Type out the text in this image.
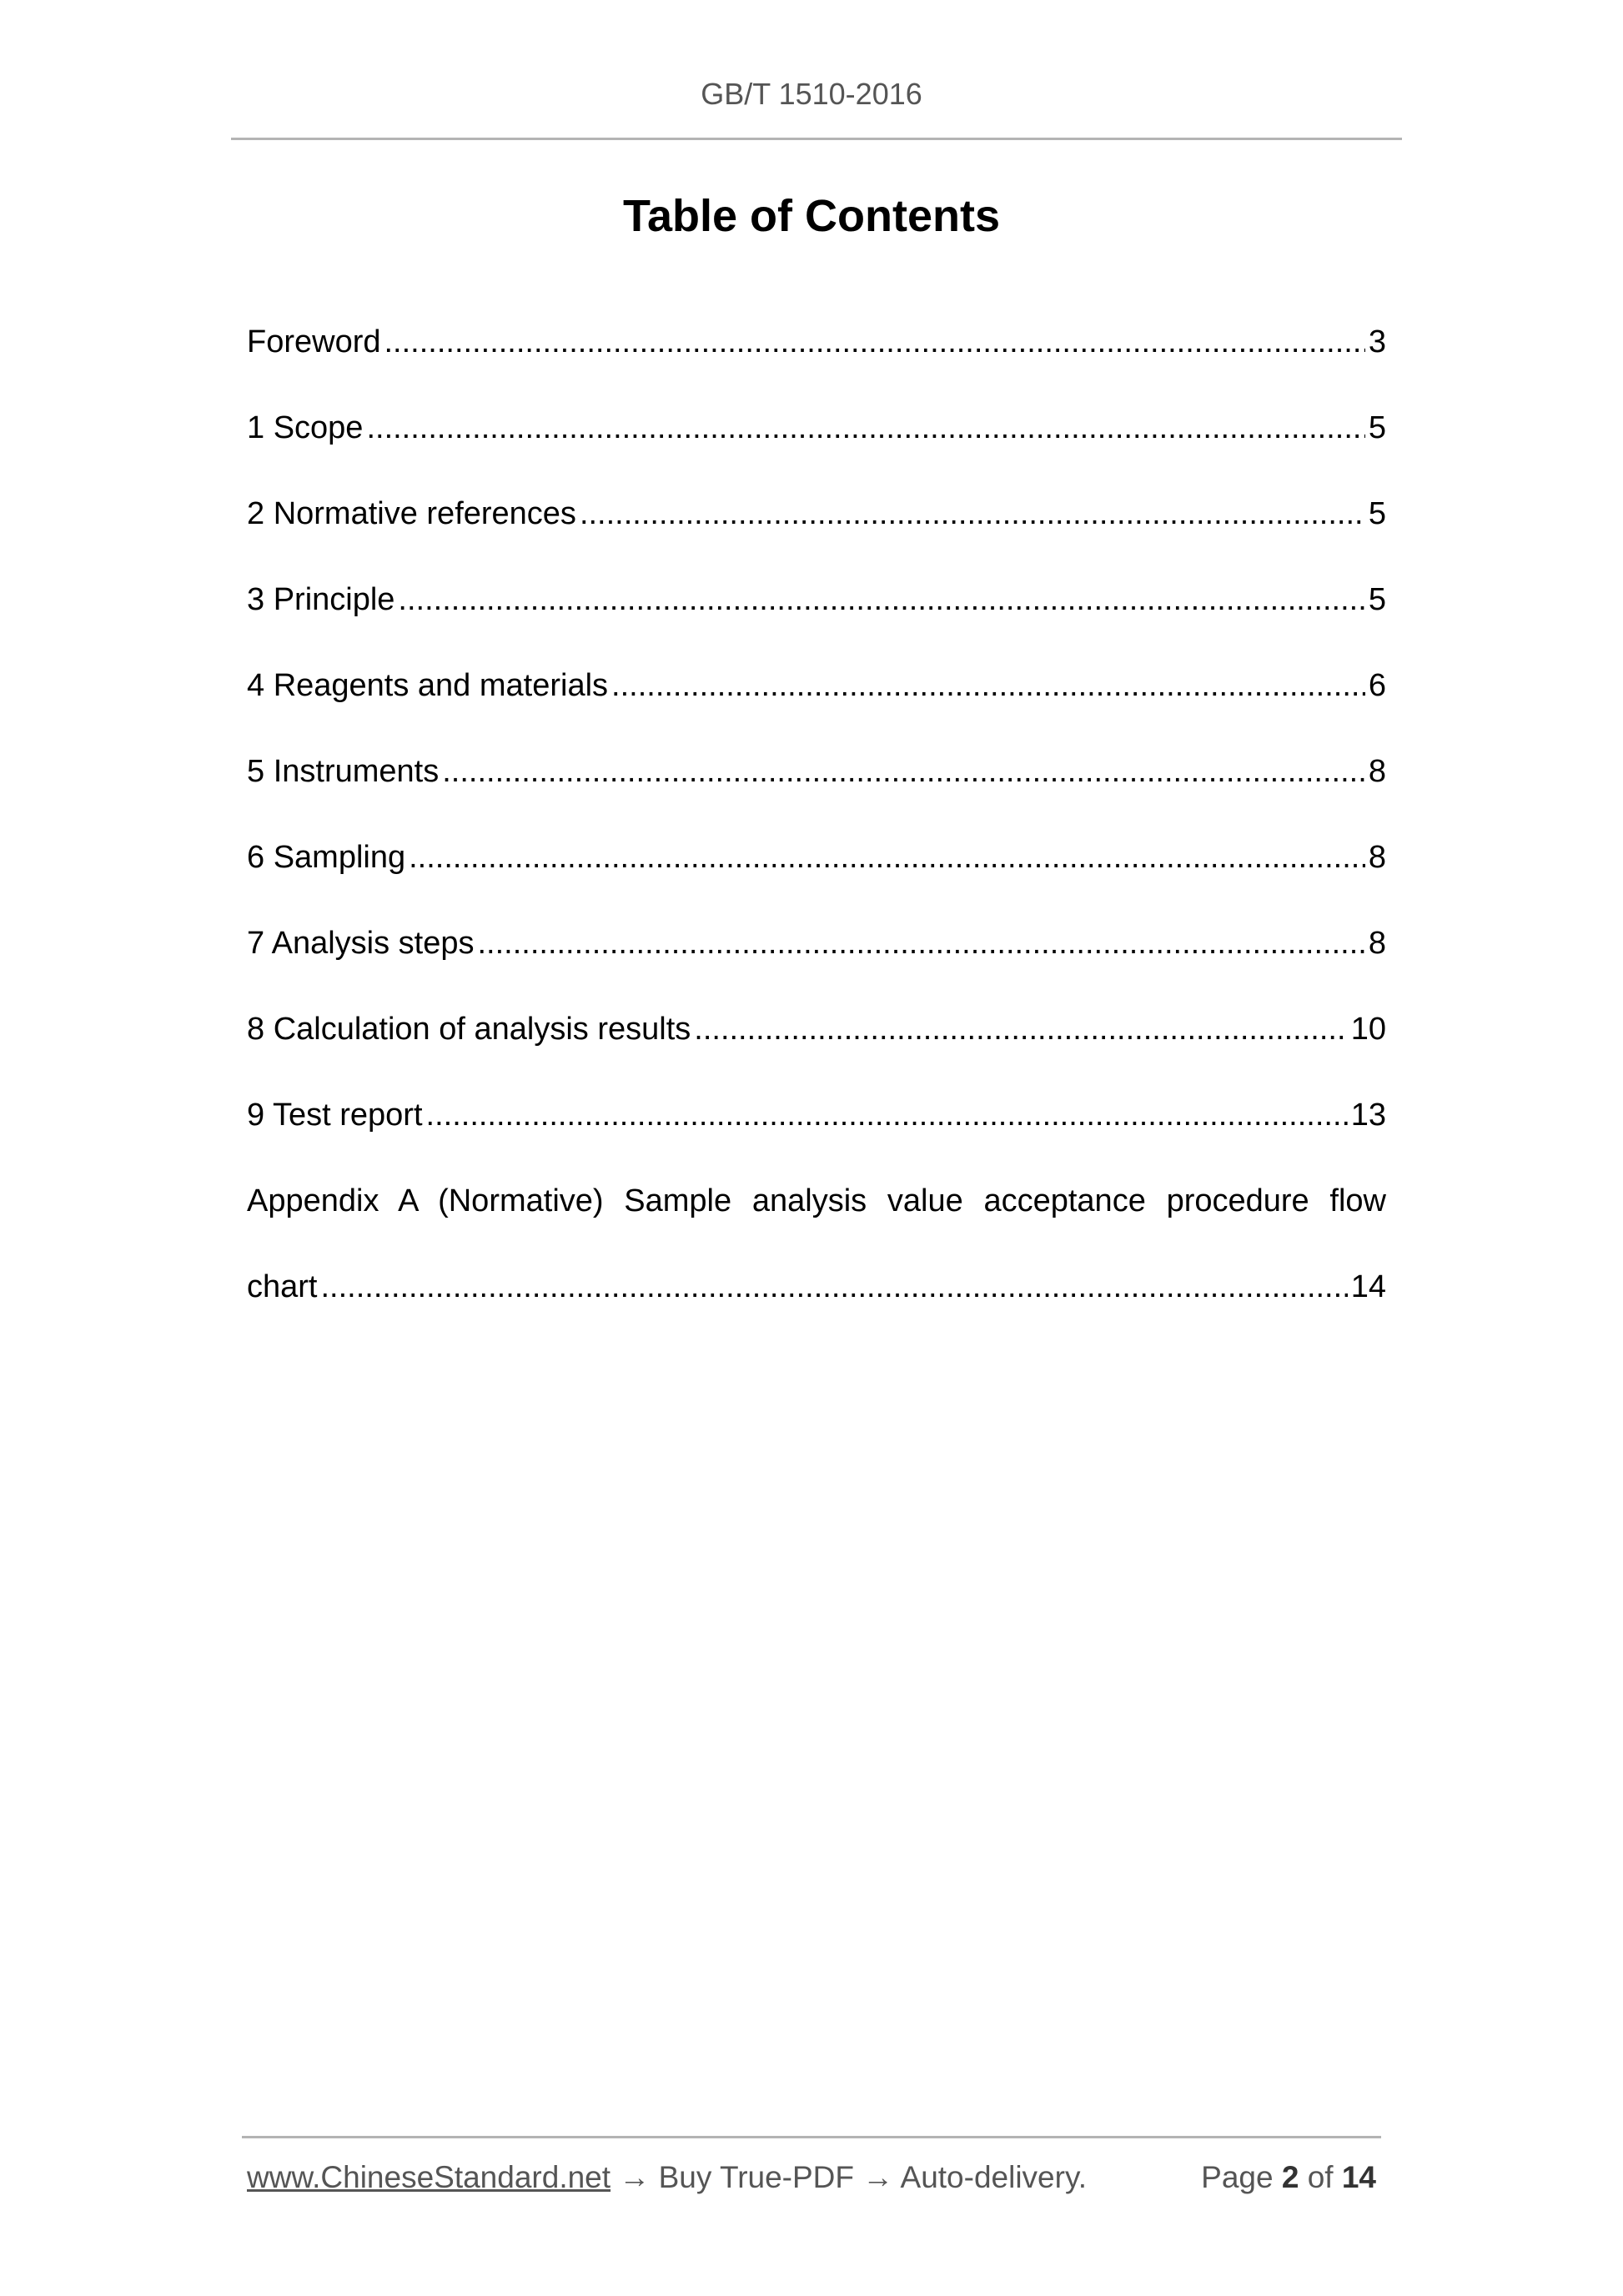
GB/T 1510-2016
Table of Contents
Foreword .....	3
1 Scope .....	5
2 Normative references .....	5
3 Principle .....	5
4 Reagents and materials .....	6
5 Instruments .....	8
6 Sampling .....	8
7 Analysis steps .....	8
8 Calculation of analysis results .....	10
9 Test report .....	13
Appendix A (Normative) Sample analysis value acceptance procedure flow
chart .....	14
www.ChineseStandard.net → Buy True-PDF → Auto-delivery.	Page 2 of 14
